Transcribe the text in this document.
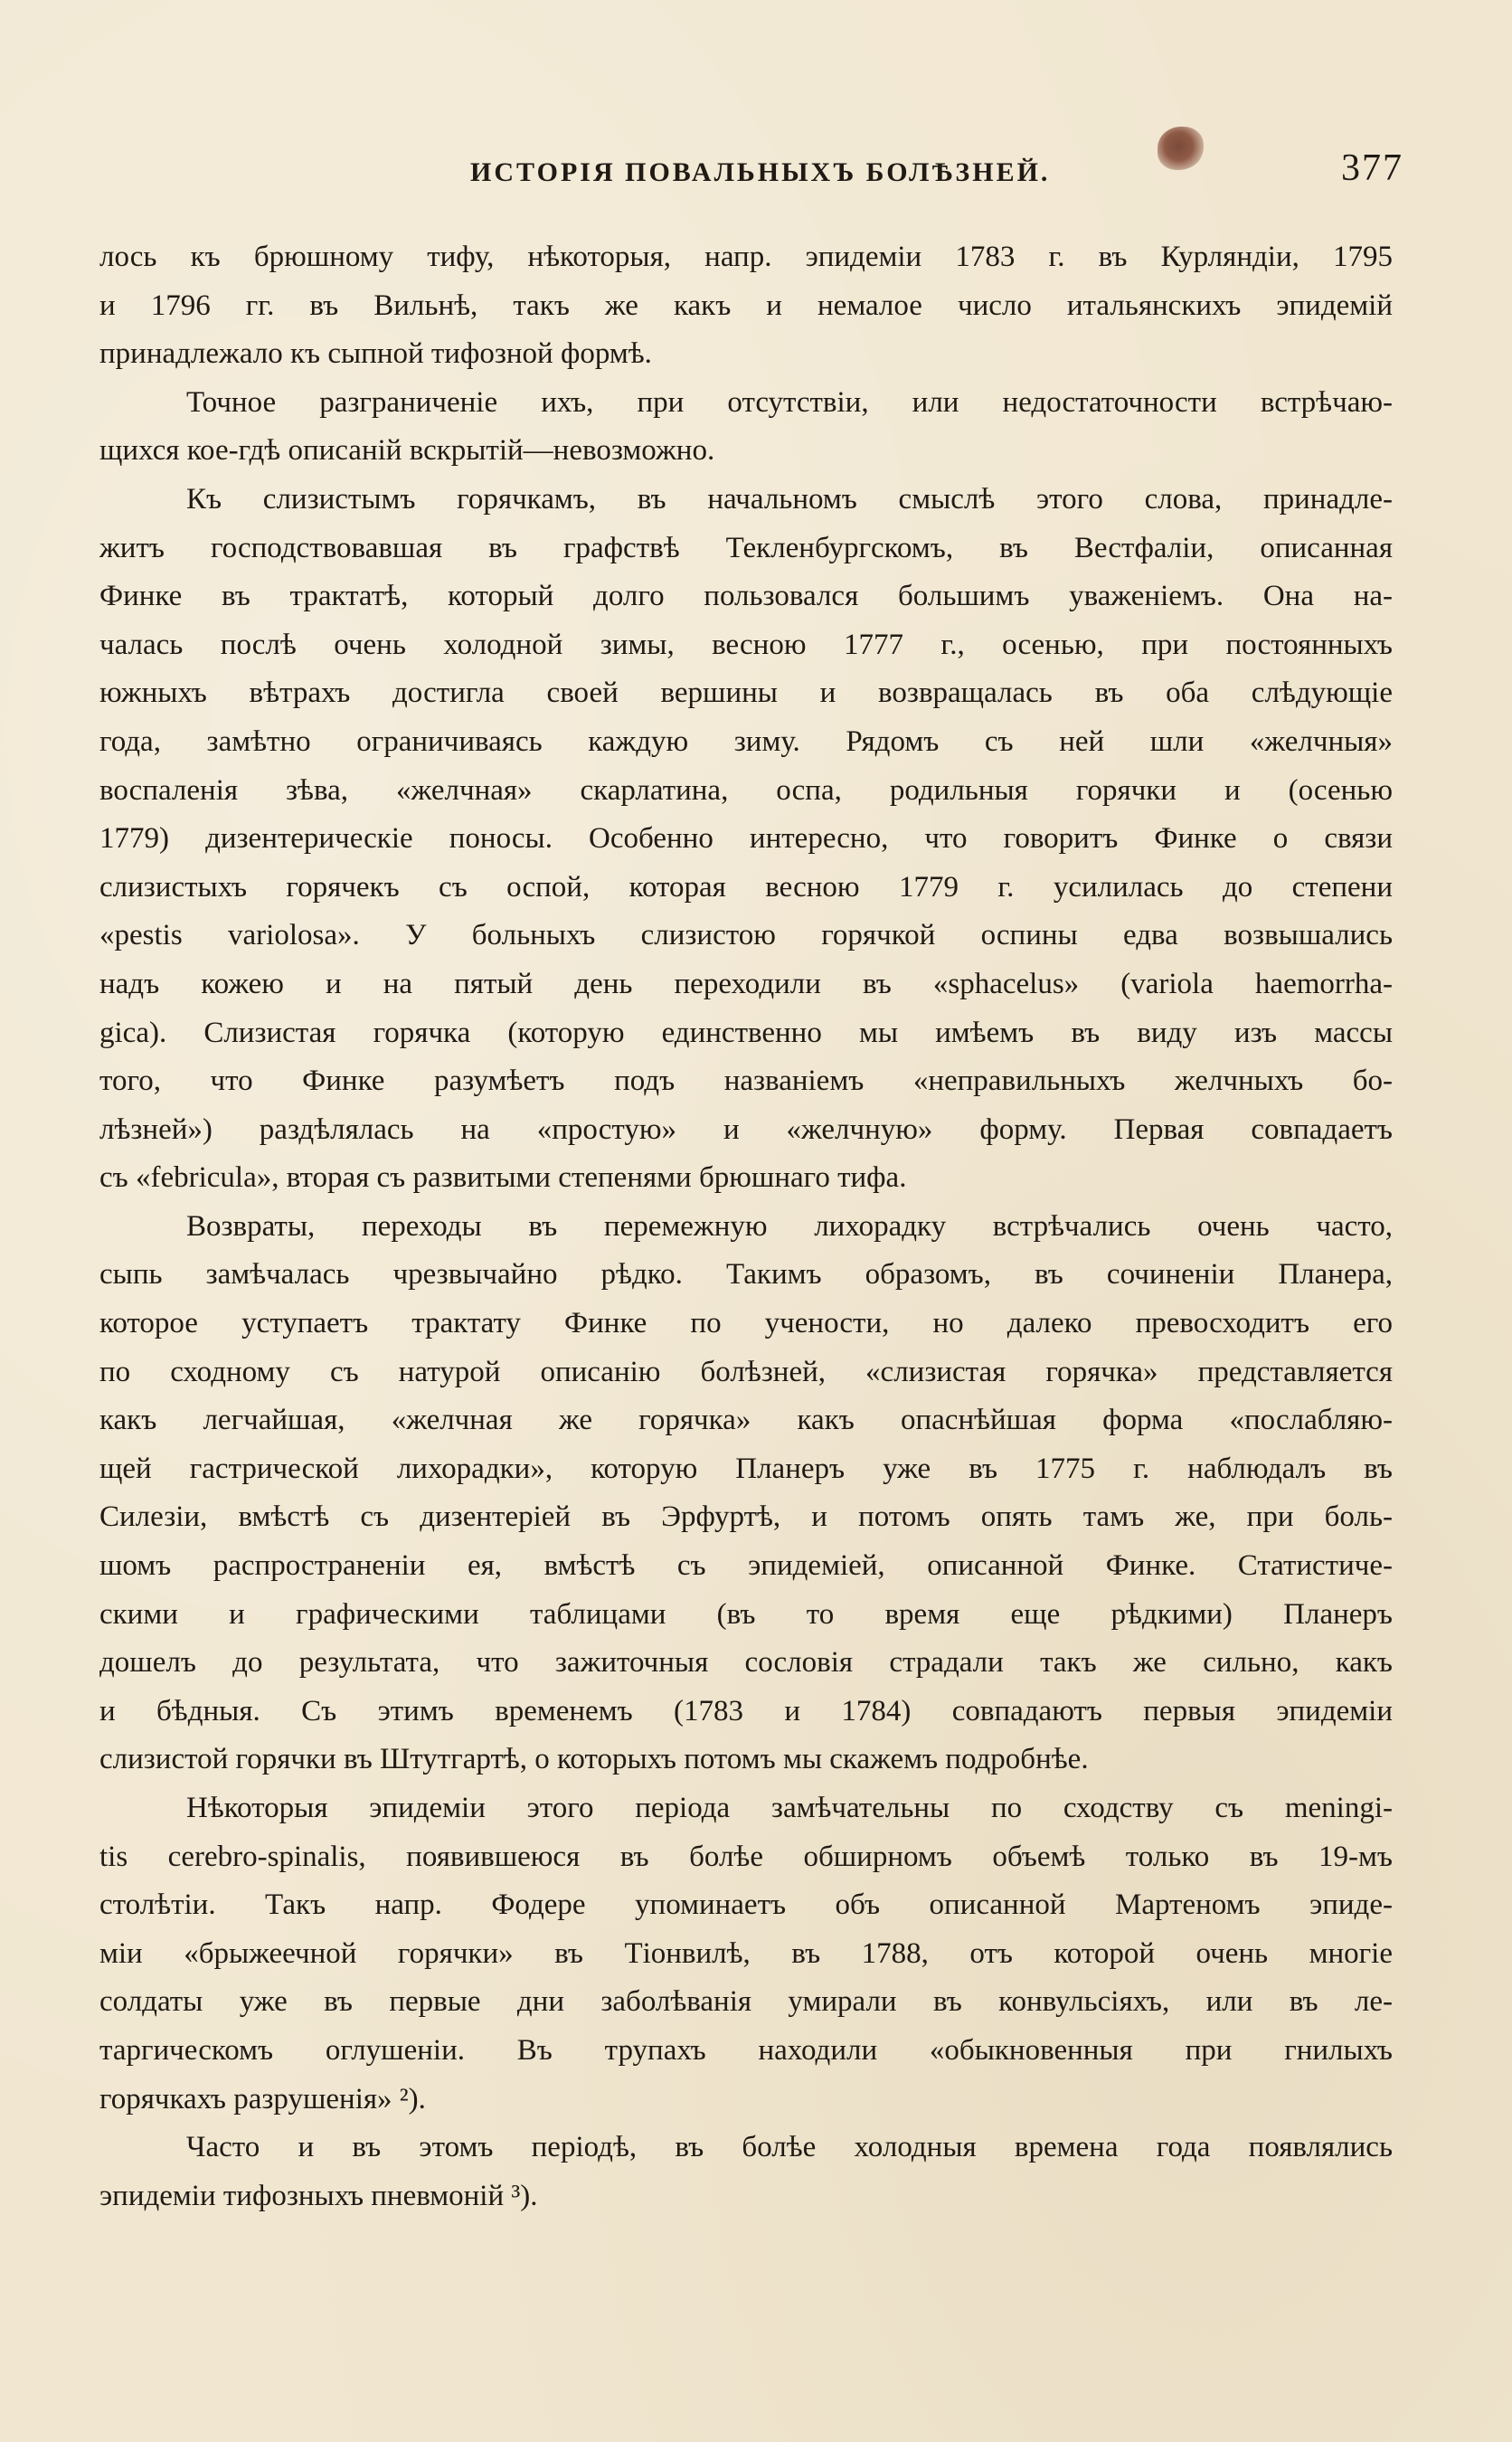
ИСТОРІЯ ПОВАЛЬНЫХЪ БОЛѢЗНЕЙ.	377

лось къ брюшному тифу, нѣкоторыя, напр. эпидеміи 1783 г. въ Курляндіи, 1795
и 1796 гг. въ Вильнѣ, такъ же какъ и немалое число итальянскихъ эпидемій
принадлежало къ сыпной тифозной формѣ.

Точное разграниченіе ихъ, при отсутствіи, или недостаточности встрѣчаю-
щихся кое-гдѣ описаній вскрытій—невозможно.

Къ слизистымъ горячкамъ, въ начальномъ смыслѣ этого слова, принадле-
житъ господствовавшая въ графствѣ Текленбургскомъ, въ Вестфаліи, описанная
Финке въ трактатѣ, который долго пользовался большимъ уваженіемъ. Она на-
чалась послѣ очень холодной зимы, весною 1777 г., осенью, при постоянныхъ
южныхъ вѣтрахъ достигла своей вершины и возвращалась въ оба слѣдующіе
года, замѣтно ограничиваясь каждую зиму. Рядомъ съ ней шли «желчныя»
воспаленія зѣва, «желчная» скарлатина, оспа, родильныя горячки и (осенью
1779) дизентерическіе поносы. Особенно интересно, что говоритъ Финке о связи
слизистыхъ горячекъ съ оспой, которая весною 1779 г. усилилась до степени
«pestis variolosa». У больныхъ слизистою горячкой оспины едва возвышались
надъ кожею и на пятый день переходили въ «sphacelus» (variola haemorrha-
gica). Слизистая горячка (которую единственно мы имѣемъ въ виду изъ массы
того, что Финке разумѣетъ подъ названіемъ «неправильныхъ желчныхъ бо-
лѣзней») раздѣлялась на «простую» и «желчную» форму. Первая совпадаетъ
съ «febricula», вторая съ развитыми степенями брюшнаго тифа.

Возвраты, переходы въ перемежную лихорадку встрѣчались очень часто,
сыпь замѣчалась чрезвычайно рѣдко. Такимъ образомъ, въ сочиненіи Планера,
которое уступаетъ трактату Финке по учености, но далеко превосходитъ его
по сходному съ натурой описанію болѣзней, «слизистая горячка» представляется
какъ легчайшая, «желчная же горячка» какъ опаснѣйшая форма «послабляю-
щей гастрической лихорадки», которую Планеръ уже въ 1775 г. наблюдалъ въ
Силезіи, вмѣстѣ съ дизентеріей въ Эрфуртѣ, и потомъ опять тамъ же, при боль-
шомъ распространеніи ея, вмѣстѣ съ эпидеміей, описанной Финке. Статистиче-
скими и графическими таблицами (въ то время еще рѣдкими) Планеръ
дошелъ до результата, что зажиточныя сословія страдали такъ же сильно, какъ
и бѣдныя. Съ этимъ временемъ (1783 и 1784) совпадаютъ первыя эпидеміи
слизистой горячки въ Штутгартѣ, о которыхъ потомъ мы скажемъ подробнѣе.

Нѣкоторыя эпидеміи этого періода замѣчательны по сходству съ meningi-
tis cerebro-spinalis, появившеюся въ болѣе обширномъ объемѣ только въ 19-мъ
столѣтіи. Такъ напр. Фодере упоминаетъ объ описанной Мартеномъ эпиде-
міи «брыжеечной горячки» въ Тіонвилѣ, въ 1788, отъ которой очень многіе
солдаты уже въ первые дни заболѣванія умирали въ конвульсіяхъ, или въ ле-
таргическомъ оглушеніи. Въ трупахъ находили «обыкновенныя при гнилыхъ
горячкахъ разрушенія» ²).

Часто и въ этомъ періодѣ, въ болѣе холодныя времена года появлялись
эпидеміи тифозныхъ пневмоній ³).
